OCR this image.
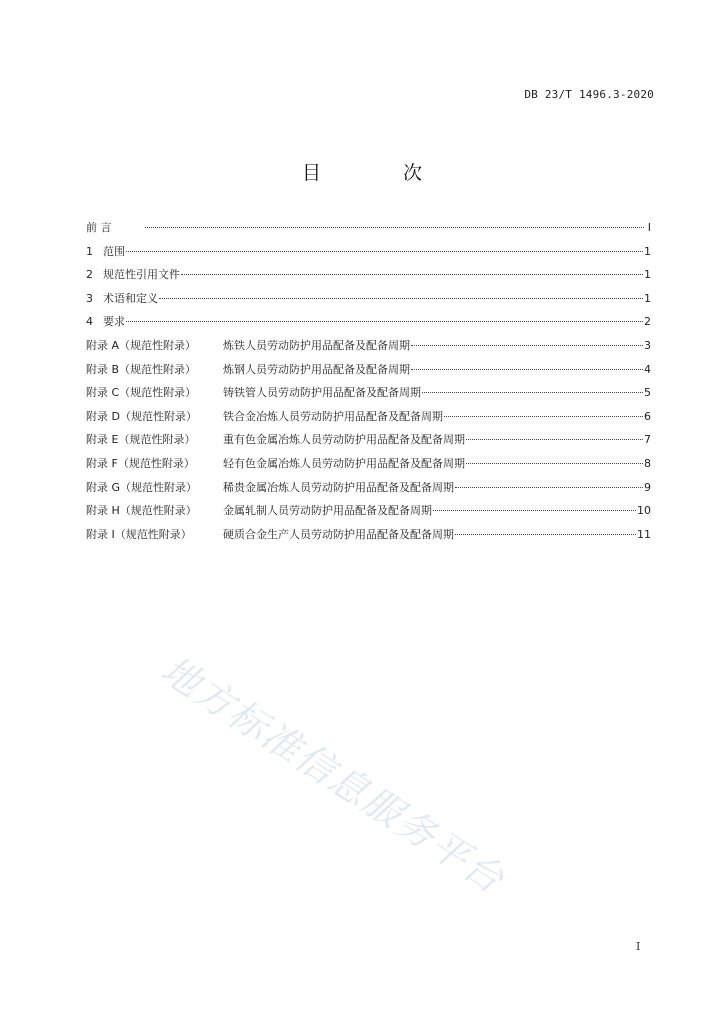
DB 23/T 1496.3-2020
目 次
前 言	I
1 范围	1
2 规范性引用文件	1
3 术语和定义	1
4 要求	2
附录 A（规范性附录）	炼铁人员劳动防护用品配备及配备周期	3
附录 B（规范性附录）	炼钢人员劳动防护用品配备及配备周期	4
附录 C（规范性附录）	铸铁管人员劳动防护用品配备及配备周期	5
附录 D（规范性附录）	铁合金冶炼人员劳动防护用品配备及配备周期	6
附录 E（规范性附录）	重有色金属冶炼人员劳动防护用品配备及配备周期	7
附录 F（规范性附录）	轻有色金属冶炼人员劳动防护用品配备及配备周期	8
附录 G（规范性附录）	稀贵金属冶炼人员劳动防护用品配备及配备周期	9
附录 H（规范性附录）	金属轧制人员劳动防护用品配备及配备周期	10
附录 I（规范性附录）	硬质合金生产人员劳动防护用品配备及配备周期	11
地方标准信息服务平台
I
